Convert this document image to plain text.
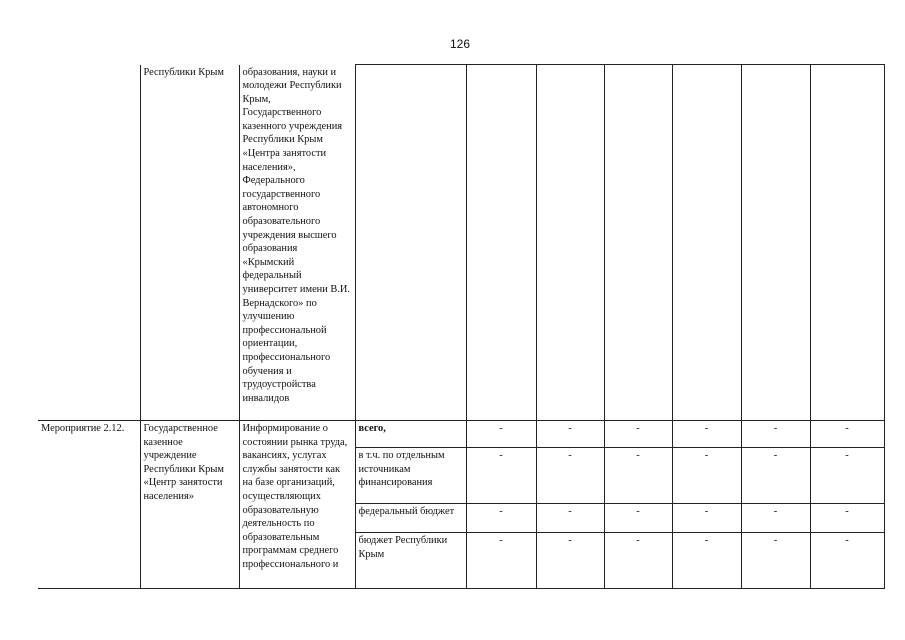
126
	Республики Крым	образования, науки и молодежи Республики Крым, Государственного казенного учреждения Республики Крым «Центра занятости населения», Федерального государственного автономного образовательного учреждения высшего образования «Крымский федеральный университет имени В.И. Вернадского» по улучшению профессиональной ориентации, профессионального обучения и трудоустройства инвалидов							
Мероприятие 2.12.	Государственное казенное учреждение Республики Крым «Центр занятости населения»	Информирование о состоянии рынка труда, вакансиях, услугах службы занятости как на базе организаций, осуществляющих образовательную деятельность по образовательным программам среднего профессионального и	всего,	-	-	-	-	-	-
			в т.ч. по отдельным источникам финансирования	-	-	-	-	-	-
			федеральный бюджет	-	-	-	-	-	-
			бюджет Республики Крым	-	-	-	-	-	-
